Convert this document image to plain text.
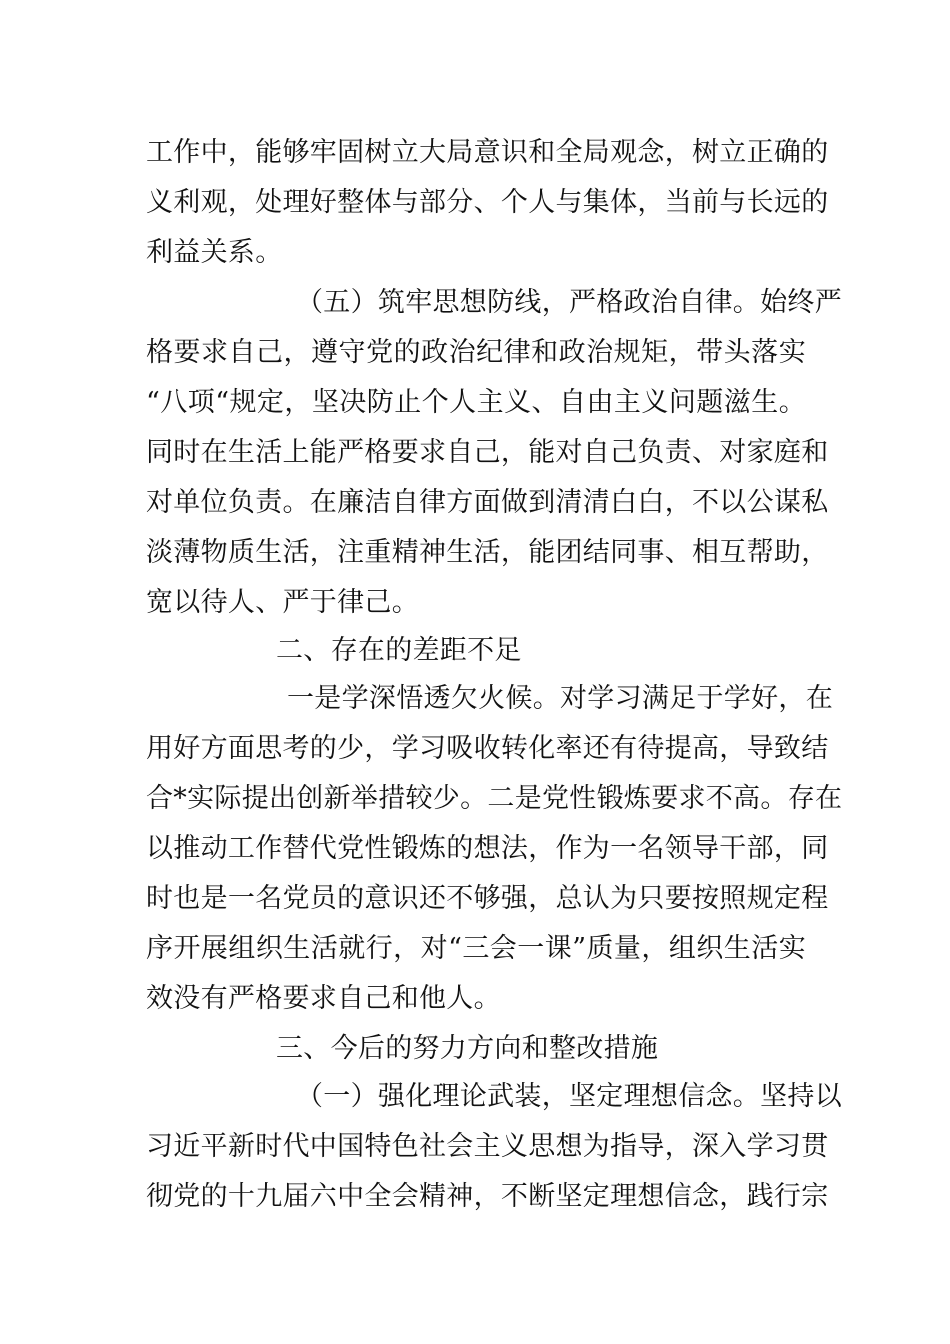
工作中，能够牢固树立大局意识和全局观念，树立正确的
义利观，处理好整体与部分、个人与集体，当前与长远的
利益关系。
（五）筑牢思想防线，严格政治自律。始终严
格要求自己，遵守党的政治纪律和政治规矩，带头落实
“八项“规定，坚决防止个人主义、自由主义问题滋生。
同时在生活上能严格要求自己，能对自己负责、对家庭和
对单位负责。在廉洁自律方面做到清清白白，不以公谋私
淡薄物质生活，注重精神生活，能团结同事、相互帮助，
宽以待人、严于律己。
二、存在的差距不足
一是学深悟透欠火候。对学习满足于学好，在
用好方面思考的少，学习吸收转化率还有待提高，导致结
合*实际提出创新举措较少。二是党性锻炼要求不高。存在
以推动工作替代党性锻炼的想法，作为一名领导干部，同
时也是一名党员的意识还不够强，总认为只要按照规定程
序开展组织生活就行，对“三会一课”质量，组织生活实
效没有严格要求自己和他人。
三、今后的努力方向和整改措施
（一）强化理论武装，坚定理想信念。坚持以
习近平新时代中国特色社会主义思想为指导，深入学习贯
彻党的十九届六中全会精神，不断坚定理想信念，践行宗
